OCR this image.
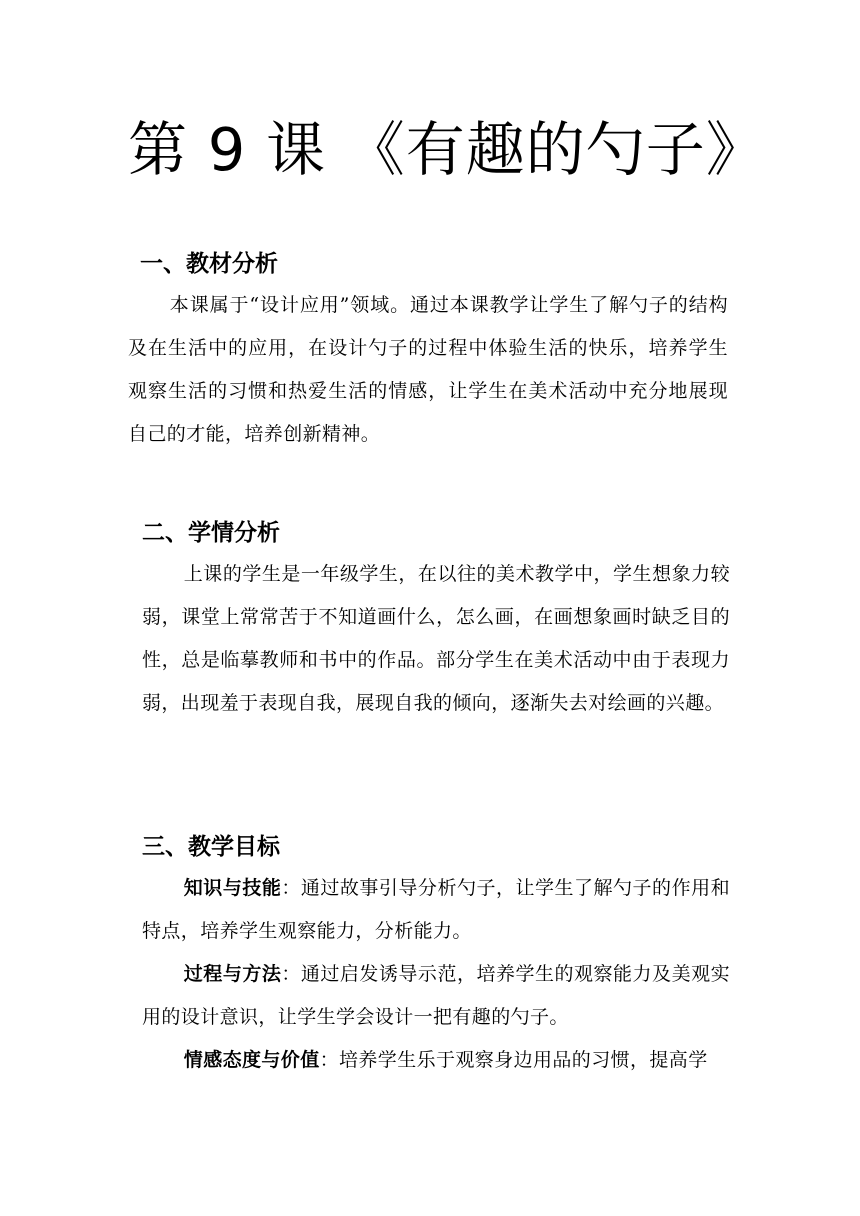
第 9 课 《有趣的勺子》
一、教材分析

本课属于“设计应用”领域。通过本课教学让学生了解勺子的结构及在生活中的应用，在设计勺子的过程中体验生活的快乐，培养学生观察生活的习惯和热爱生活的情感，让学生在美术活动中充分地展现自己的才能，培养创新精神。

二、学情分析

上课的学生是一年级学生，在以往的美术教学中，学生想象力较弱，课堂上常常苦于不知道画什么，怎么画，在画想象画时缺乏目的性，总是临摹教师和书中的作品。部分学生在美术活动中由于表现力弱，出现羞于表现自我，展现自我的倾向，逐渐失去对绘画的兴趣。

三、教学目标

知识与技能：通过故事引导分析勺子，让学生了解勺子的作用和特点，培养学生观察能力，分析能力。

过程与方法：通过启发诱导示范，培养学生的观察能力及美观实用的设计意识，让学生学会设计一把有趣的勺子。

情感态度与价值：培养学生乐于观察身边用品的习惯，提高学
